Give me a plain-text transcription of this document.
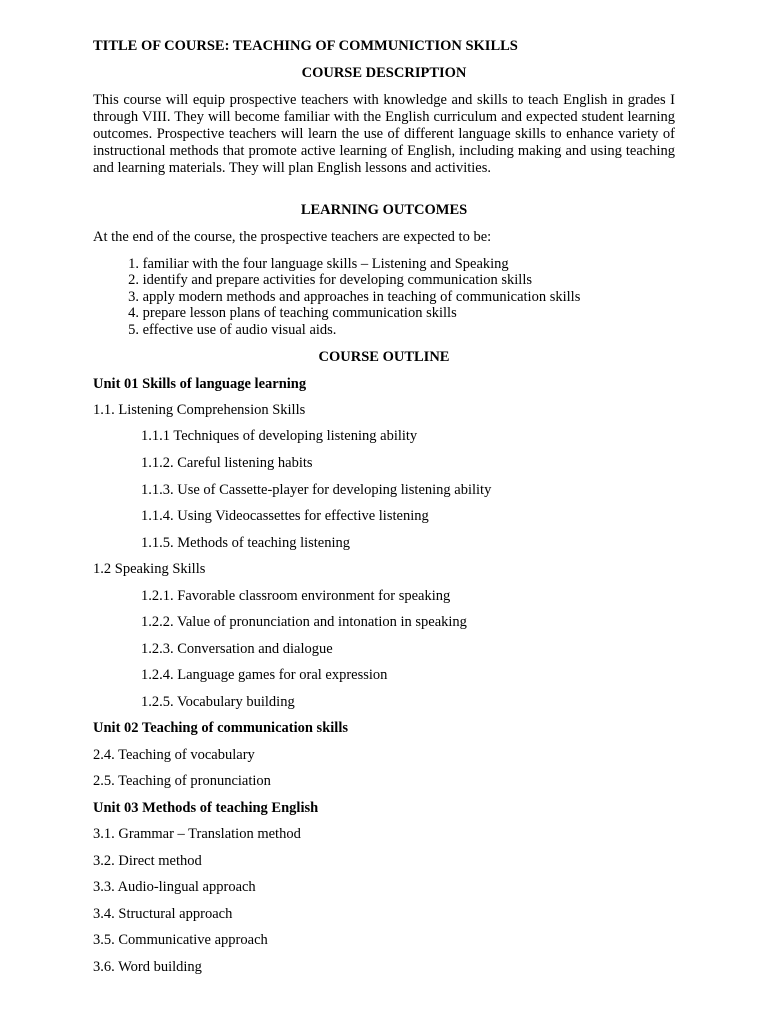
TITLE OF COURSE: TEACHING OF COMMUNICTION SKILLS
COURSE DESCRIPTION
This course will equip prospective teachers with knowledge and skills to teach English in grades I through VIII. They will become familiar with the English curriculum and expected student learning outcomes. Prospective teachers will learn the use of different language skills to enhance variety of instructional methods that promote active learning of English, including making and using teaching and learning materials. They will plan English lessons and activities.
LEARNING OUTCOMES
At the end of the course, the prospective teachers are expected to be:
1. familiar with the four language skills – Listening and Speaking
2. identify and prepare activities for developing communication skills
3. apply modern methods and approaches in teaching of communication skills
4. prepare lesson plans of teaching communication skills
5. effective use of audio visual aids.
COURSE OUTLINE
Unit 01 Skills of language learning
1.1. Listening Comprehension Skills
1.1.1 Techniques of developing listening ability
1.1.2. Careful listening habits
1.1.3. Use of Cassette-player for developing listening ability
1.1.4. Using Videocassettes for effective listening
1.1.5. Methods of teaching listening
1.2 Speaking Skills
1.2.1. Favorable classroom environment for speaking
1.2.2. Value of pronunciation and intonation in speaking
1.2.3. Conversation and dialogue
1.2.4. Language games for oral expression
1.2.5. Vocabulary building
Unit 02 Teaching of communication skills
2.4. Teaching of vocabulary
2.5. Teaching of pronunciation
Unit 03 Methods of teaching English
3.1. Grammar – Translation method
3.2. Direct method
3.3. Audio-lingual approach
3.4. Structural approach
3.5. Communicative approach
3.6. Word building
